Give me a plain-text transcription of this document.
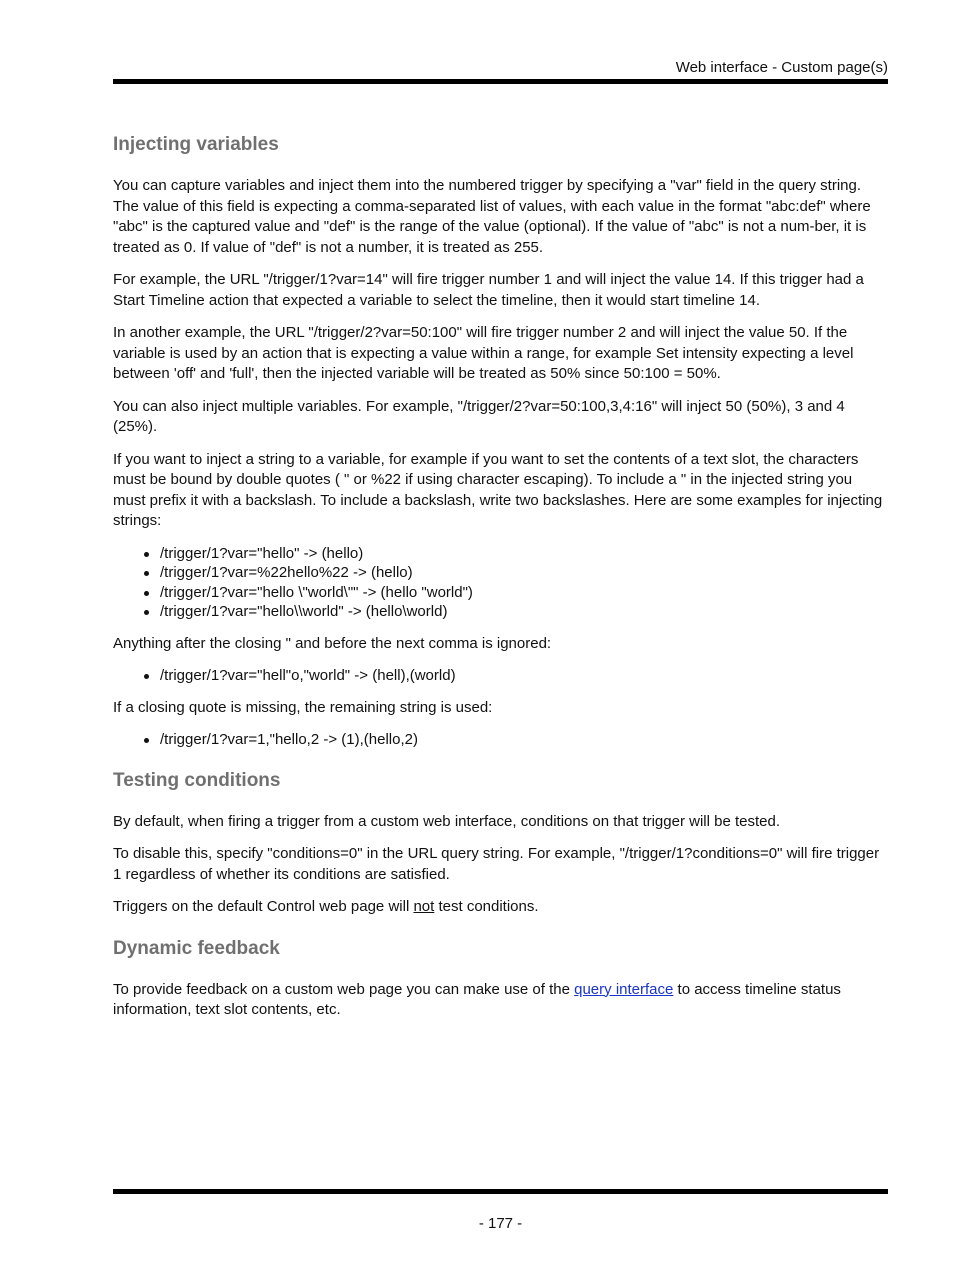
Web interface - Custom page(s)
Injecting variables

You can capture variables and inject them into the numbered trigger by specifying a "var" field in the query string. The value of this field is expecting a comma-separated list of values, with each value in the format "abc:def" where "abc" is the captured value and "def" is the range of the value (optional). If the value of "abc" is not a num-ber, it is treated as 0. If value of "def" is not a number, it is treated as 255.

For example, the URL "/trigger/1?var=14" will fire trigger number 1 and will inject the value 14. If this trigger had a Start Timeline action that expected a variable to select the timeline, then it would start timeline 14.

In another example, the URL "/trigger/2?var=50:100" will fire trigger number 2 and will inject the value 50. If the variable is used by an action that is expecting a value within a range, for example Set intensity expecting a level between 'off' and 'full', then the injected variable will be treated as 50% since 50:100 = 50%.

You can also inject multiple variables. For example, "/trigger/2?var=50:100,3,4:16" will inject 50 (50%), 3 and 4 (25%).

If you want to inject a string to a variable, for example if you want to set the contents of a text slot, the characters must be bound by double quotes ( " or %22 if using character escaping). To include a " in the injected string you must prefix it with a backslash. To include a backslash, write two backslashes. Here are some examples for injecting strings:

/trigger/1?var="hello" -> (hello)
/trigger/1?var=%22hello%22 -> (hello)
/trigger/1?var="hello \"world\"" -> (hello "world")
/trigger/1?var="hello\\world" -> (hello\world)

Anything after the closing " and before the next comma is ignored:

/trigger/1?var="hell"o,"world" -> (hell),(world)

If a closing quote is missing, the remaining string is used:

/trigger/1?var=1,"hello,2 -> (1),(hello,2)
Testing conditions

By default, when firing a trigger from a custom web interface, conditions on that trigger will be tested.

To disable this, specify "conditions=0" in the URL query string. For example, "/trigger/1?conditions=0" will fire trigger 1 regardless of whether its conditions are satisfied.

Triggers on the default Control web page will not test conditions.

Dynamic feedback

To provide feedback on a custom web page you can make use of the query interface to access timeline status information, text slot contents, etc.

- 177 -
